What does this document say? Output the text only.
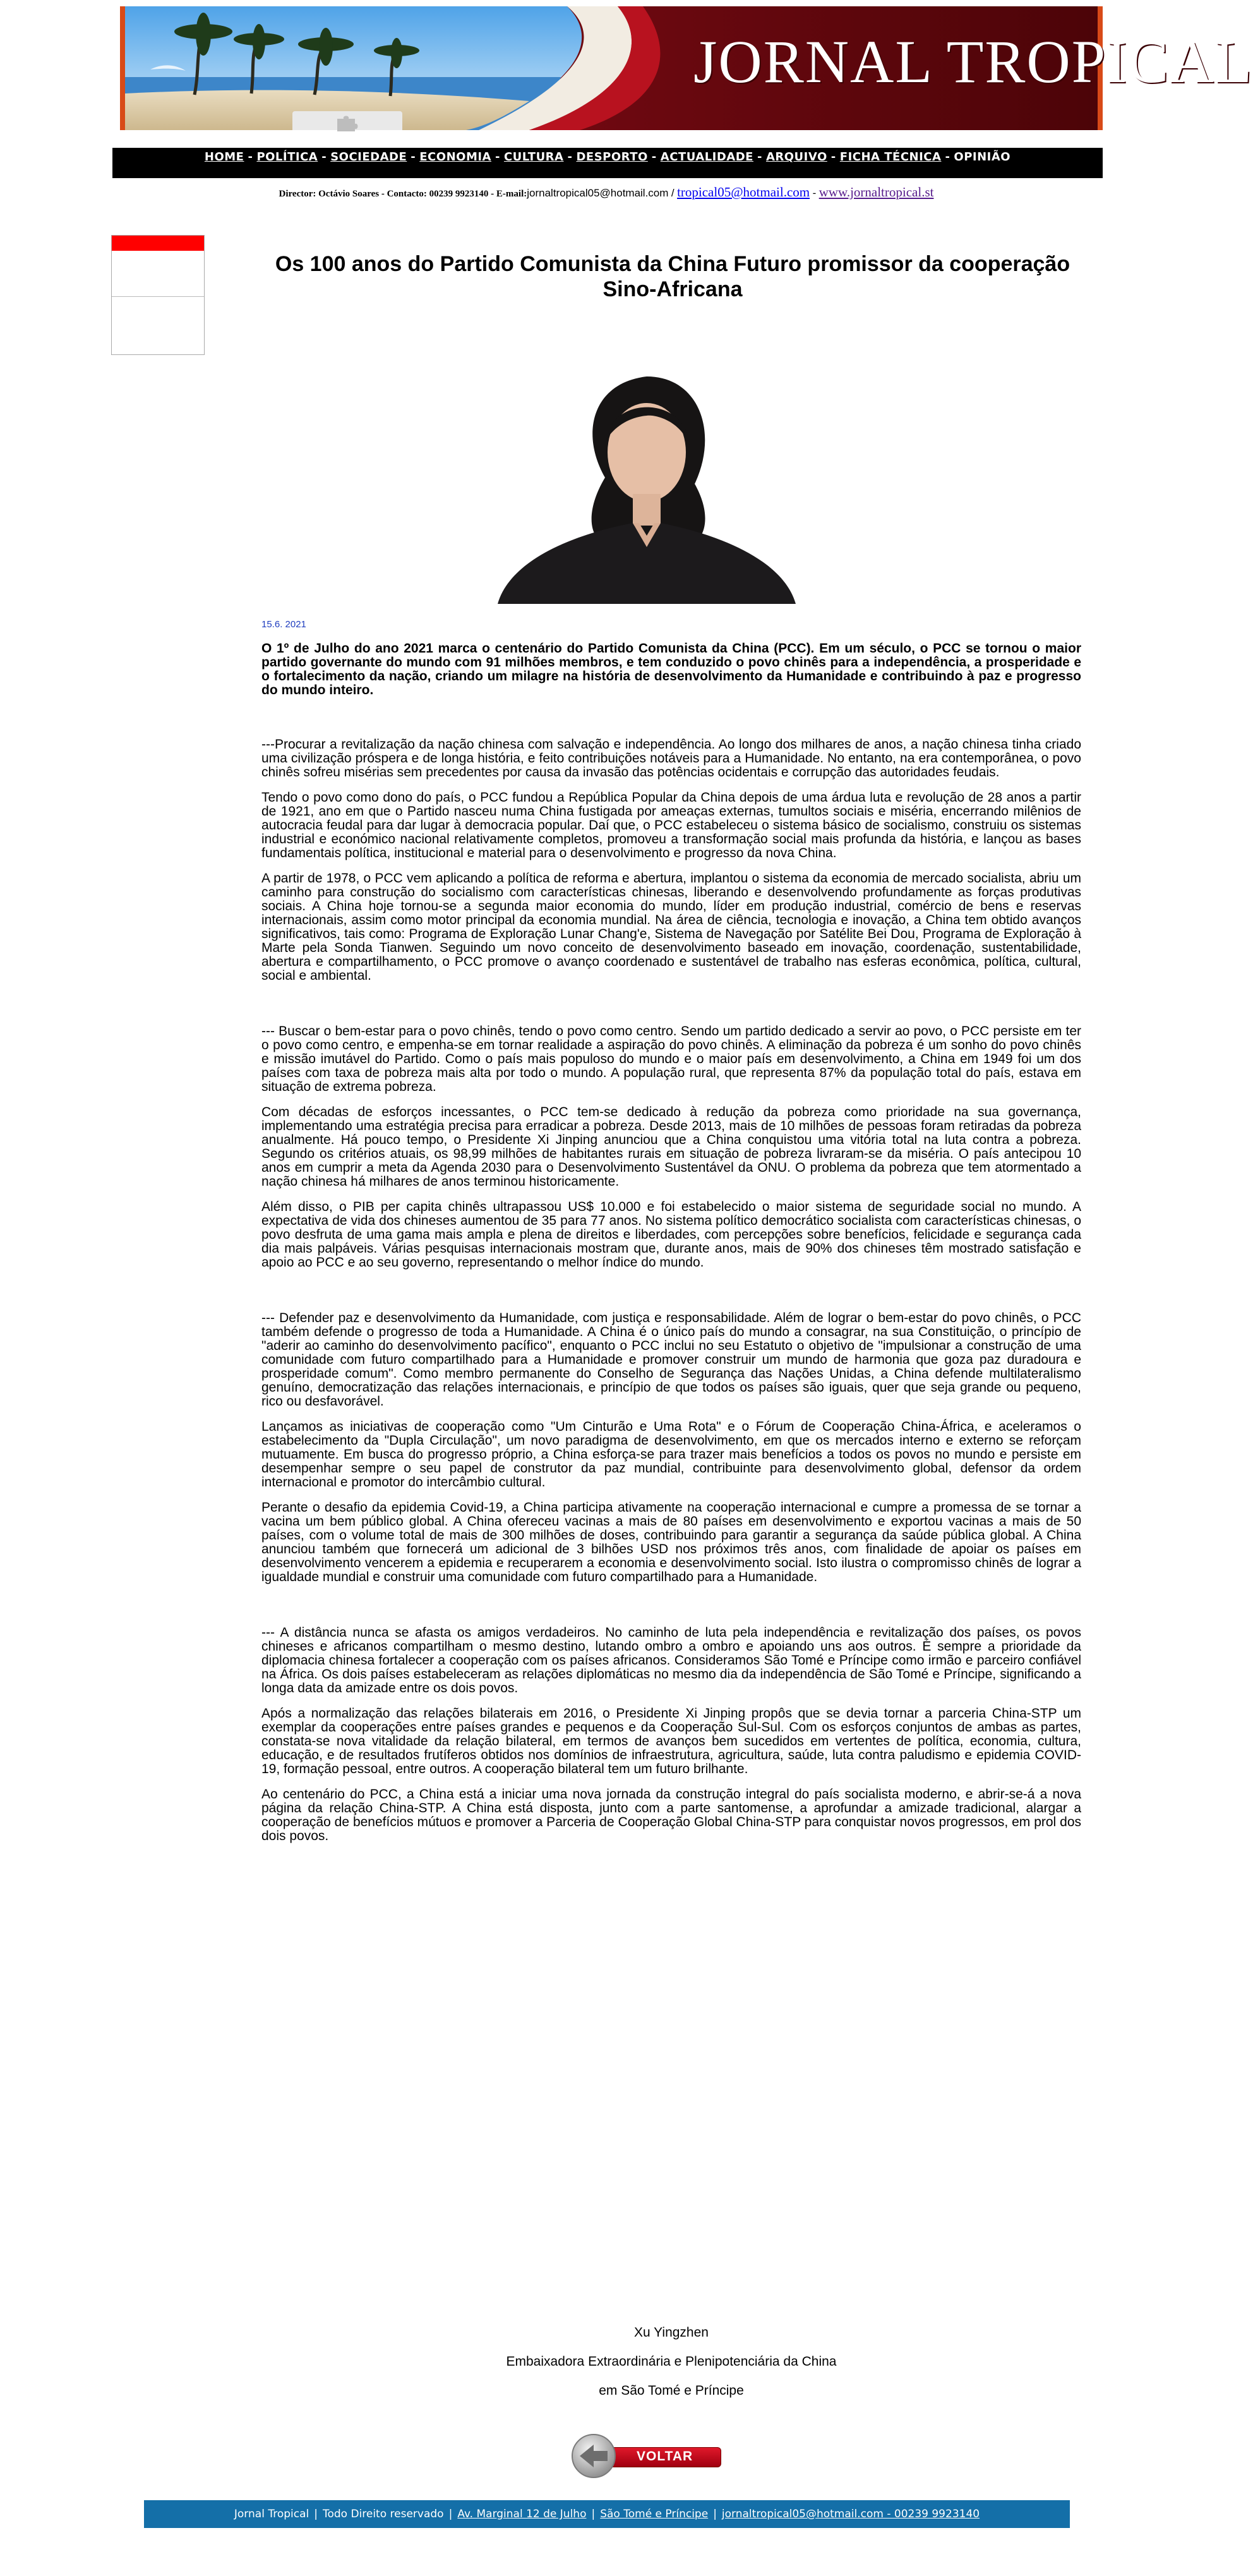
JORNAL TROPICAL
HOME - POLÍTICA - SOCIEDADE - ECONOMIA - CULTURA - DESPORTO - ACTUALIDADE - ARQUIVO - FICHA TÉCNICA - OPINIÃO
Director: Octávio Soares - Contacto: 00239 9923140 - E-mail:jornaltropical05@hotmail.com / tropical05@hotmail.com - www.jornaltropical.st
Os 100 anos do Partido Comunista da China Futuro promissor da cooperação Sino-Africana
15.6. 2021

O 1º de Julho do ano 2021 marca o centenário do Partido Comunista da China (PCC). Em um século, o PCC se tornou o maior partido governante do mundo com 91 milhões membros, e tem conduzido o povo chinês para a independência, a prosperidade e o fortalecimento da nação, criando um milagre na história de desenvolvimento da Humanidade e contribuindo à paz e progresso do mundo inteiro.

---Procurar a revitalização da nação chinesa com salvação e independência. Ao longo dos milhares de anos, a nação chinesa tinha criado uma civilização próspera e de longa história, e feito contribuições notáveis para a Humanidade. No entanto, na era contemporânea, o povo chinês sofreu misérias sem precedentes por causa da invasão das potências ocidentais e corrupção das autoridades feudais.

Tendo o povo como dono do país, o PCC fundou a República Popular da China depois de uma árdua luta e revolução de 28 anos a partir de 1921, ano em que o Partido nasceu numa China fustigada por ameaças externas, tumultos sociais e miséria, encerrando milênios de autocracia feudal para dar lugar à democracia popular. Daí que, o PCC estabeleceu o sistema básico de socialismo, construiu os sistemas industrial e económico nacional relativamente completos, promoveu a transformação social mais profunda da história, e lançou as bases fundamentais política, institucional e material para o desenvolvimento e progresso da nova China.

A partir de 1978, o PCC vem aplicando a política de reforma e abertura, implantou o sistema da economia de mercado socialista, abriu um caminho para construção do socialismo com características chinesas, liberando e desenvolvendo profundamente as forças produtivas sociais. A China hoje tornou-se a segunda maior economia do mundo, líder em produção industrial, comércio de bens e reservas internacionais, assim como motor principal da economia mundial. Na área de ciência, tecnologia e inovação, a China tem obtido avanços significativos, tais como: Programa de Exploração Lunar Chang'e, Sistema de Navegação por Satélite Bei Dou, Programa de Exploração à Marte pela Sonda Tianwen. Seguindo um novo conceito de desenvolvimento baseado em inovação, coordenação, sustentabilidade, abertura e compartilhamento, o PCC promove o avanço coordenado e sustentável de trabalho nas esferas econômica, política, cultural, social e ambiental.

--- Buscar o bem-estar para o povo chinês, tendo o povo como centro. Sendo um partido dedicado a servir ao povo, o PCC persiste em ter o povo como centro, e empenha-se em tornar realidade a aspiração do povo chinês. A eliminação da pobreza é um sonho do povo chinês e missão imutável do Partido. Como o país mais populoso do mundo e o maior país em desenvolvimento, a China em 1949 foi um dos países com taxa de pobreza mais alta por todo o mundo. A população rural, que representa 87% da população total do país, estava em situação de extrema pobreza.

Com décadas de esforços incessantes, o PCC tem-se dedicado à redução da pobreza como prioridade na sua governança, implementando uma estratégia precisa para erradicar a pobreza. Desde 2013, mais de 10 milhões de pessoas foram retiradas da pobreza anualmente. Há pouco tempo, o Presidente Xi Jinping anunciou que a China conquistou uma vitória total na luta contra a pobreza. Segundo os critérios atuais, os 98,99 milhões de habitantes rurais em situação de pobreza livraram-se da miséria. O país antecipou 10 anos em cumprir a meta da Agenda 2030 para o Desenvolvimento Sustentável da ONU. O problema da pobreza que tem atormentado a nação chinesa há milhares de anos terminou historicamente.

Além disso, o PIB per capita chinês ultrapassou US$ 10.000 e foi estabelecido o maior sistema de seguridade social no mundo. A expectativa de vida dos chineses aumentou de 35 para 77 anos. No sistema político democrático socialista com características chinesas, o povo desfruta de uma gama mais ampla e plena de direitos e liberdades, com percepções sobre benefícios, felicidade e segurança cada dia mais palpáveis. Várias pesquisas internacionais mostram que, durante anos, mais de 90% dos chineses têm mostrado satisfação e apoio ao PCC e ao seu governo, representando o melhor índice do mundo.

--- Defender paz e desenvolvimento da Humanidade, com justiça e responsabilidade. Além de lograr o bem-estar do povo chinês, o PCC também defende o progresso de toda a Humanidade. A China é o único país do mundo a consagrar, na sua Constituição, o princípio de "aderir ao caminho do desenvolvimento pacífico", enquanto o PCC inclui no seu Estatuto o objetivo de "impulsionar a construção de uma comunidade com futuro compartilhado para a Humanidade e promover construir um mundo de harmonia que goza paz duradoura e prosperidade comum". Como membro permanente do Conselho de Segurança das Nações Unidas, a China defende multilateralismo genuíno, democratização das relações internacionais, e princípio de que todos os países são iguais, quer que seja grande ou pequeno, rico ou desfavorável.

Lançamos as iniciativas de cooperação como "Um Cinturão e Uma Rota" e o Fórum de Cooperação China-África, e aceleramos o estabelecimento da "Dupla Circulação", um novo paradigma de desenvolvimento, em que os mercados interno e externo se reforçam mutuamente. Em busca do progresso próprio, a China esforça-se para trazer mais benefícios a todos os povos no mundo e persiste em desempenhar sempre o seu papel de construtor da paz mundial, contribuinte para desenvolvimento global, defensor da ordem internacional e promotor do intercâmbio cultural.

Perante o desafio da epidemia Covid-19, a China participa ativamente na cooperação internacional e cumpre a promessa de se tornar a vacina um bem público global. A China ofereceu vacinas a mais de 80 países em desenvolvimento e exportou vacinas a mais de 50 países, com o volume total de mais de 300 milhões de doses, contribuindo para garantir a segurança da saúde pública global. A China anunciou também que fornecerá um adicional de 3 bilhões USD nos próximos três anos, com finalidade de apoiar os países em desenvolvimento vencerem a epidemia e recuperarem a economia e desenvolvimento social. Isto ilustra o compromisso chinês de lograr a igualdade mundial e construir uma comunidade com futuro compartilhado para a Humanidade.

--- A distância nunca se afasta os amigos verdadeiros. No caminho de luta pela independência e revitalização dos países, os povos chineses e africanos compartilham o mesmo destino, lutando ombro a ombro e apoiando uns aos outros. É sempre a prioridade da diplomacia chinesa fortalecer a cooperação com os países africanos. Consideramos São Tomé e Príncipe como irmão e parceiro confiável na África. Os dois países estabeleceram as relações diplomáticas no mesmo dia da independência de São Tomé e Príncipe, significando a longa data da amizade entre os dois povos.

Após a normalização das relações bilaterais em 2016, o Presidente Xi Jinping propôs que se devia tornar a parceria China-STP um exemplar da cooperações entre países grandes e pequenos e da Cooperação Sul-Sul. Com os esforços conjuntos de ambas as partes, constata-se nova vitalidade da relação bilateral, em termos de avanços bem sucedidos em vertentes de política, economia, cultura, educação, e de resultados frutíferos obtidos nos domínios de infraestrutura, agricultura, saúde, luta contra paludismo e epidemia COVID-19, formação pessoal, entre outros. A cooperação bilateral tem um futuro brilhante.

Ao centenário do PCC, a China está a iniciar uma nova jornada da construção integral do país socialista moderno, e abrir-se-á a nova página da relação China-STP. A China está disposta, junto com a parte santomense, a aprofundar a amizade tradicional, alargar a cooperação de benefícios mútuos e promover a Parceria de Cooperação Global China-STP para conquistar novos progressos, em prol dos dois povos.

Xu Yingzhen

Embaixadora Extraordinária e Plenipotenciária da China

em São Tomé e Príncipe

VOLTAR
Jornal Tropical | Todo Direito reservado | Av. Marginal 12 de Julho | São Tomé e Príncipe | jornaltropical05@hotmail.com - 00239 9923140
